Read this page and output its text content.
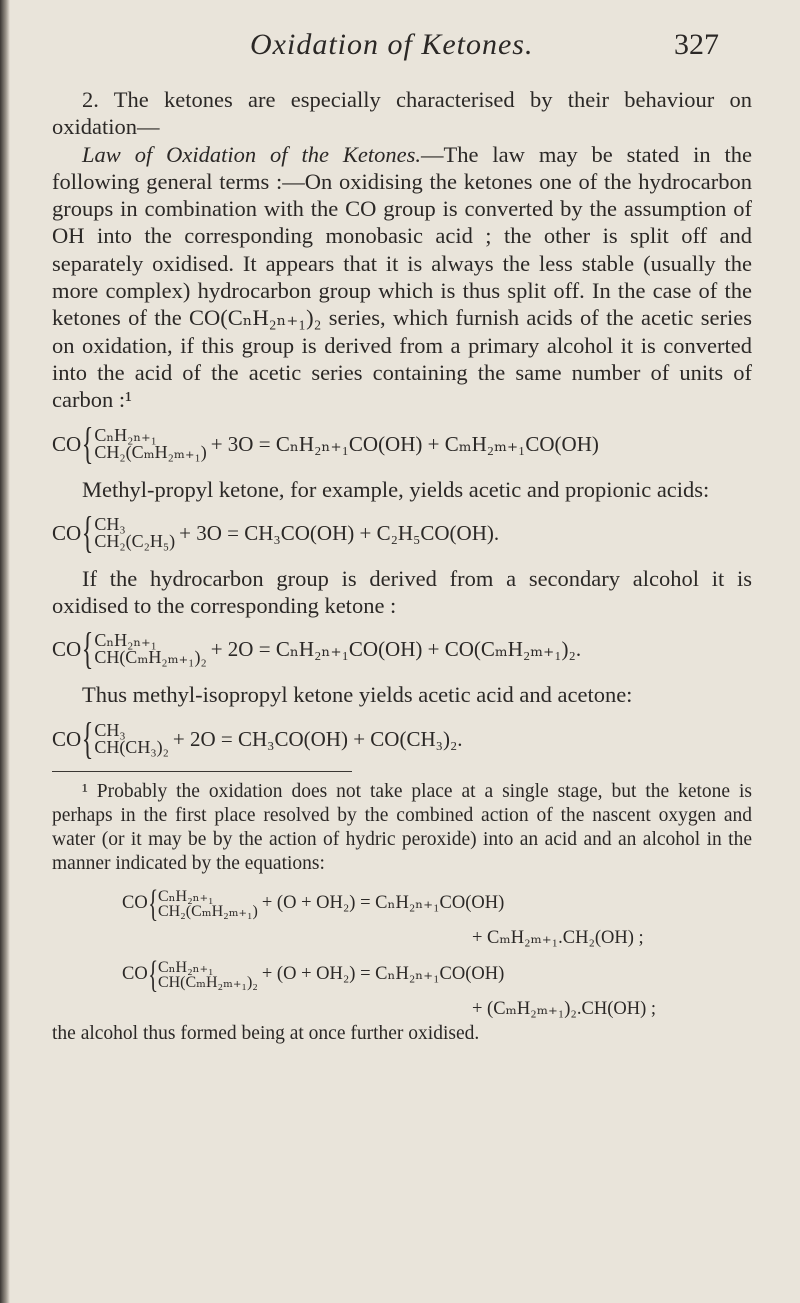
Oxidation of Ketones.	327

2. The ketones are especially characterised by their behaviour on oxidation—

Law of Oxidation of the Ketones.—The law may be stated in the following general terms :—On oxidising the ketones one of the hydrocarbon groups in combination with the CO group is converted by the assumption of OH into the corresponding monobasic acid ; the other is split off and separately oxidised. It appears that it is always the less stable (usually the more complex) hydrocarbon group which is thus split off. In the case of the ketones of the CO(CₙH₂ₙ₊₁)₂ series, which furnish acids of the acetic series on oxidation, if this group is derived from a primary alcohol it is converted into the acid of the acetic series containing the same number of units of carbon :¹

CO { CₙH₂ₙ₊₁
CH₂(CₘH₂ₘ₊₁) + 3O = CₙH₂ₙ₊₁CO(OH) + CₘH₂ₘ₊₁CO(OH)

Methyl-propyl ketone, for example, yields acetic and propionic acids:

CO { CH₃
CH₂(C₂H₅) + 3O = CH₃CO(OH) + C₂H₅CO(OH).

If the hydrocarbon group is derived from a secondary alcohol it is oxidised to the corresponding ketone :

CO { CₙH₂ₙ₊₁
CH(CₘH₂ₘ₊₁)₂ + 2O = CₙH₂ₙ₊₁CO(OH) + CO(CₘH₂ₘ₊₁)₂.

Thus methyl-isopropyl ketone yields acetic acid and acetone:

CO { CH₃
CH(CH₃)₂ + 2O = CH₃CO(OH) + CO(CH₃)₂.

¹ Probably the oxidation does not take place at a single stage, but the ketone is perhaps in the first place resolved by the combined action of the nascent oxygen and water (or it may be by the action of hydric peroxide) into an acid and an alcohol in the manner indicated by the equations:

CO { CₙH₂ₙ₊₁
CH₂(CₘH₂ₘ₊₁) + (O + OH₂) = CₙH₂ₙ₊₁CO(OH)
+ CₘH₂ₘ₊₁.CH₂(OH) ;
CO { CₙH₂ₙ₊₁
CH(CₘH₂ₘ₊₁)₂ + (O + OH₂) = CₙH₂ₙ₊₁CO(OH)
+ (CₘH₂ₘ₊₁)₂.CH(OH) ;

the alcohol thus formed being at once further oxidised.
